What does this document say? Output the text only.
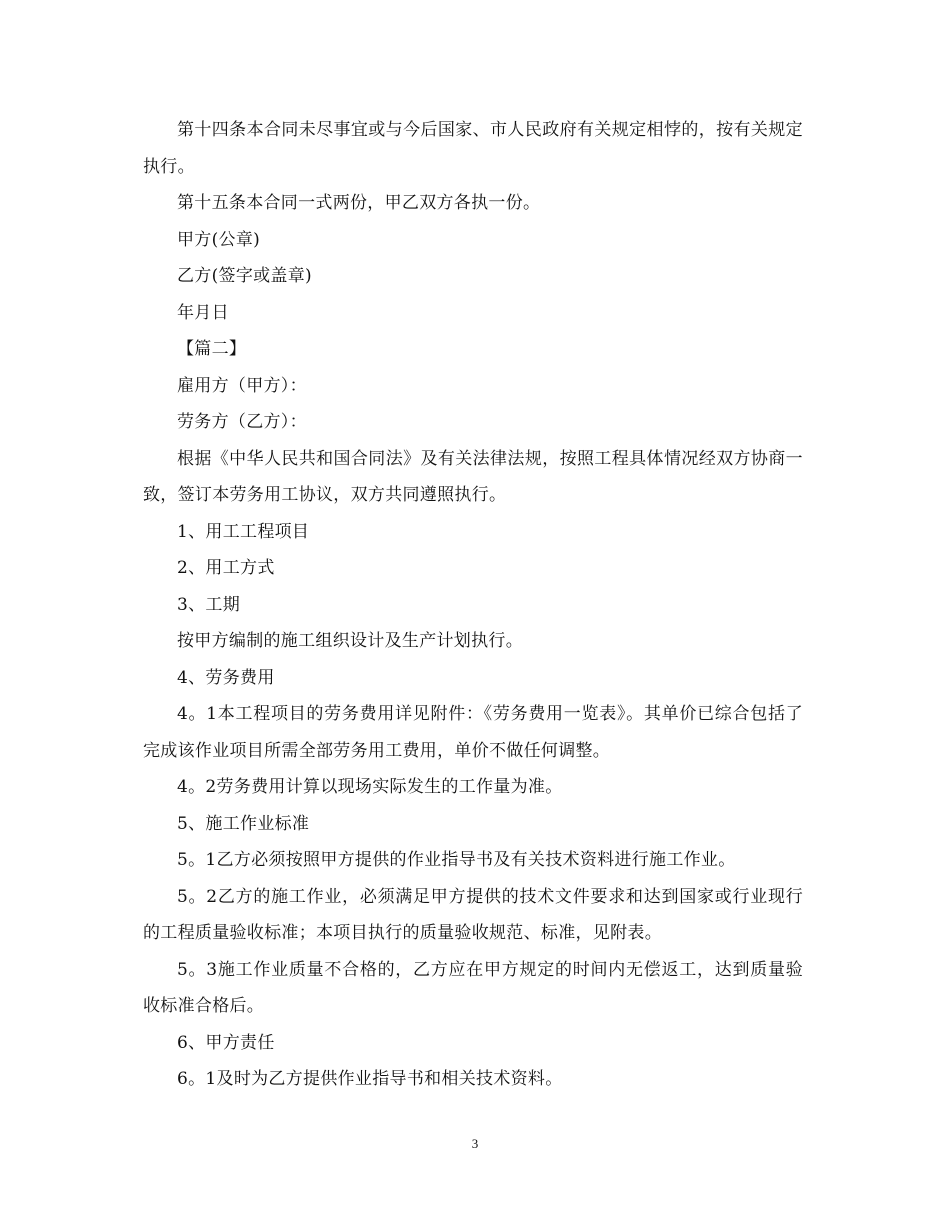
第十四条本合同未尽事宜或与今后国家、市人民政府有关规定相悖的，按有关规定执行。

第十五条本合同一式两份，甲乙双方各执一份。

甲方(公章)

乙方(签字或盖章)

年月日

【篇二】

雇用方（甲方）：

劳务方（乙方）：

根据《中华人民共和国合同法》及有关法律法规，按照工程具体情况经双方协商一致，签订本劳务用工协议，双方共同遵照执行。

1、用工工程项目

2、用工方式

3、工期

按甲方编制的施工组织设计及生产计划执行。

4、劳务费用

4。1本工程项目的劳务费用详见附件：《劳务费用一览表》。其单价已综合包括了完成该作业项目所需全部劳务用工费用，单价不做任何调整。

4。2劳务费用计算以现场实际发生的工作量为准。

5、施工作业标准

5。1乙方必须按照甲方提供的作业指导书及有关技术资料进行施工作业。

5。2乙方的施工作业，必须满足甲方提供的技术文件要求和达到国家或行业现行的工程质量验收标准；本项目执行的质量验收规范、标准，见附表。

5。3施工作业质量不合格的，乙方应在甲方规定的时间内无偿返工，达到质量验收标准合格后。

6、甲方责任

6。1及时为乙方提供作业指导书和相关技术资料。

3
